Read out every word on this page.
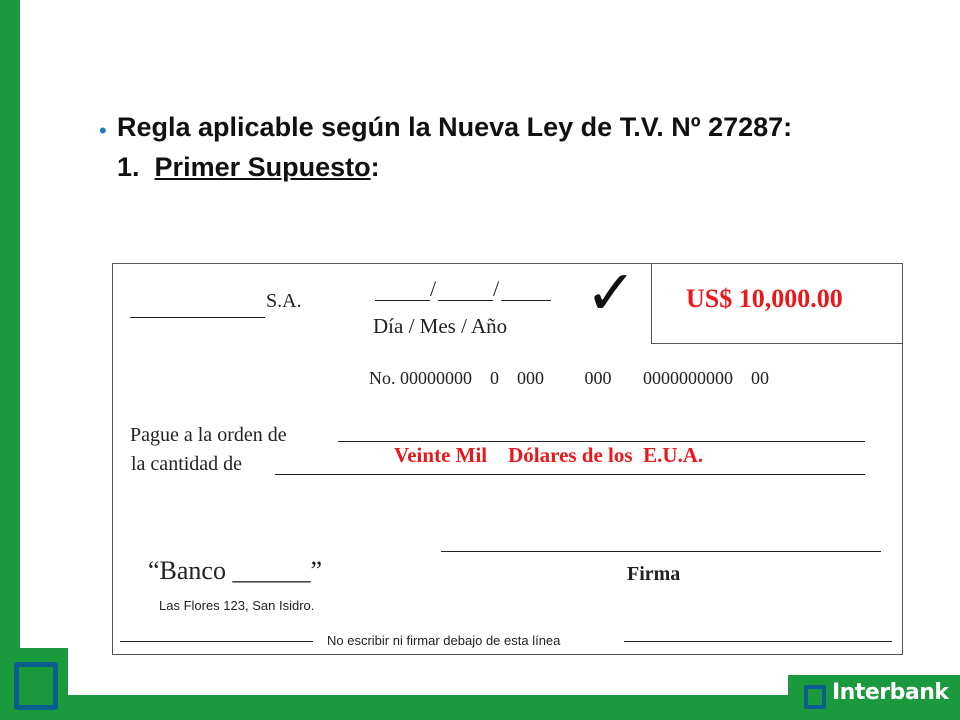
Interbank
• Regla aplicable según la Nueva Ley de T.V. Nº 27287:
1. Primer Supuesto:
US$ 10,000.00
✓
S.A.	/	/
Día / Mes / Año
No. 00000000    0    000         000       0000000000    00
Pague a la orden de
la cantidad de	Veinte Mil    Dólares de los  E.U.A.
“Banco ______”
Las Flores 123, San Isidro.
Firma
No escribir ni firmar debajo de esta línea
